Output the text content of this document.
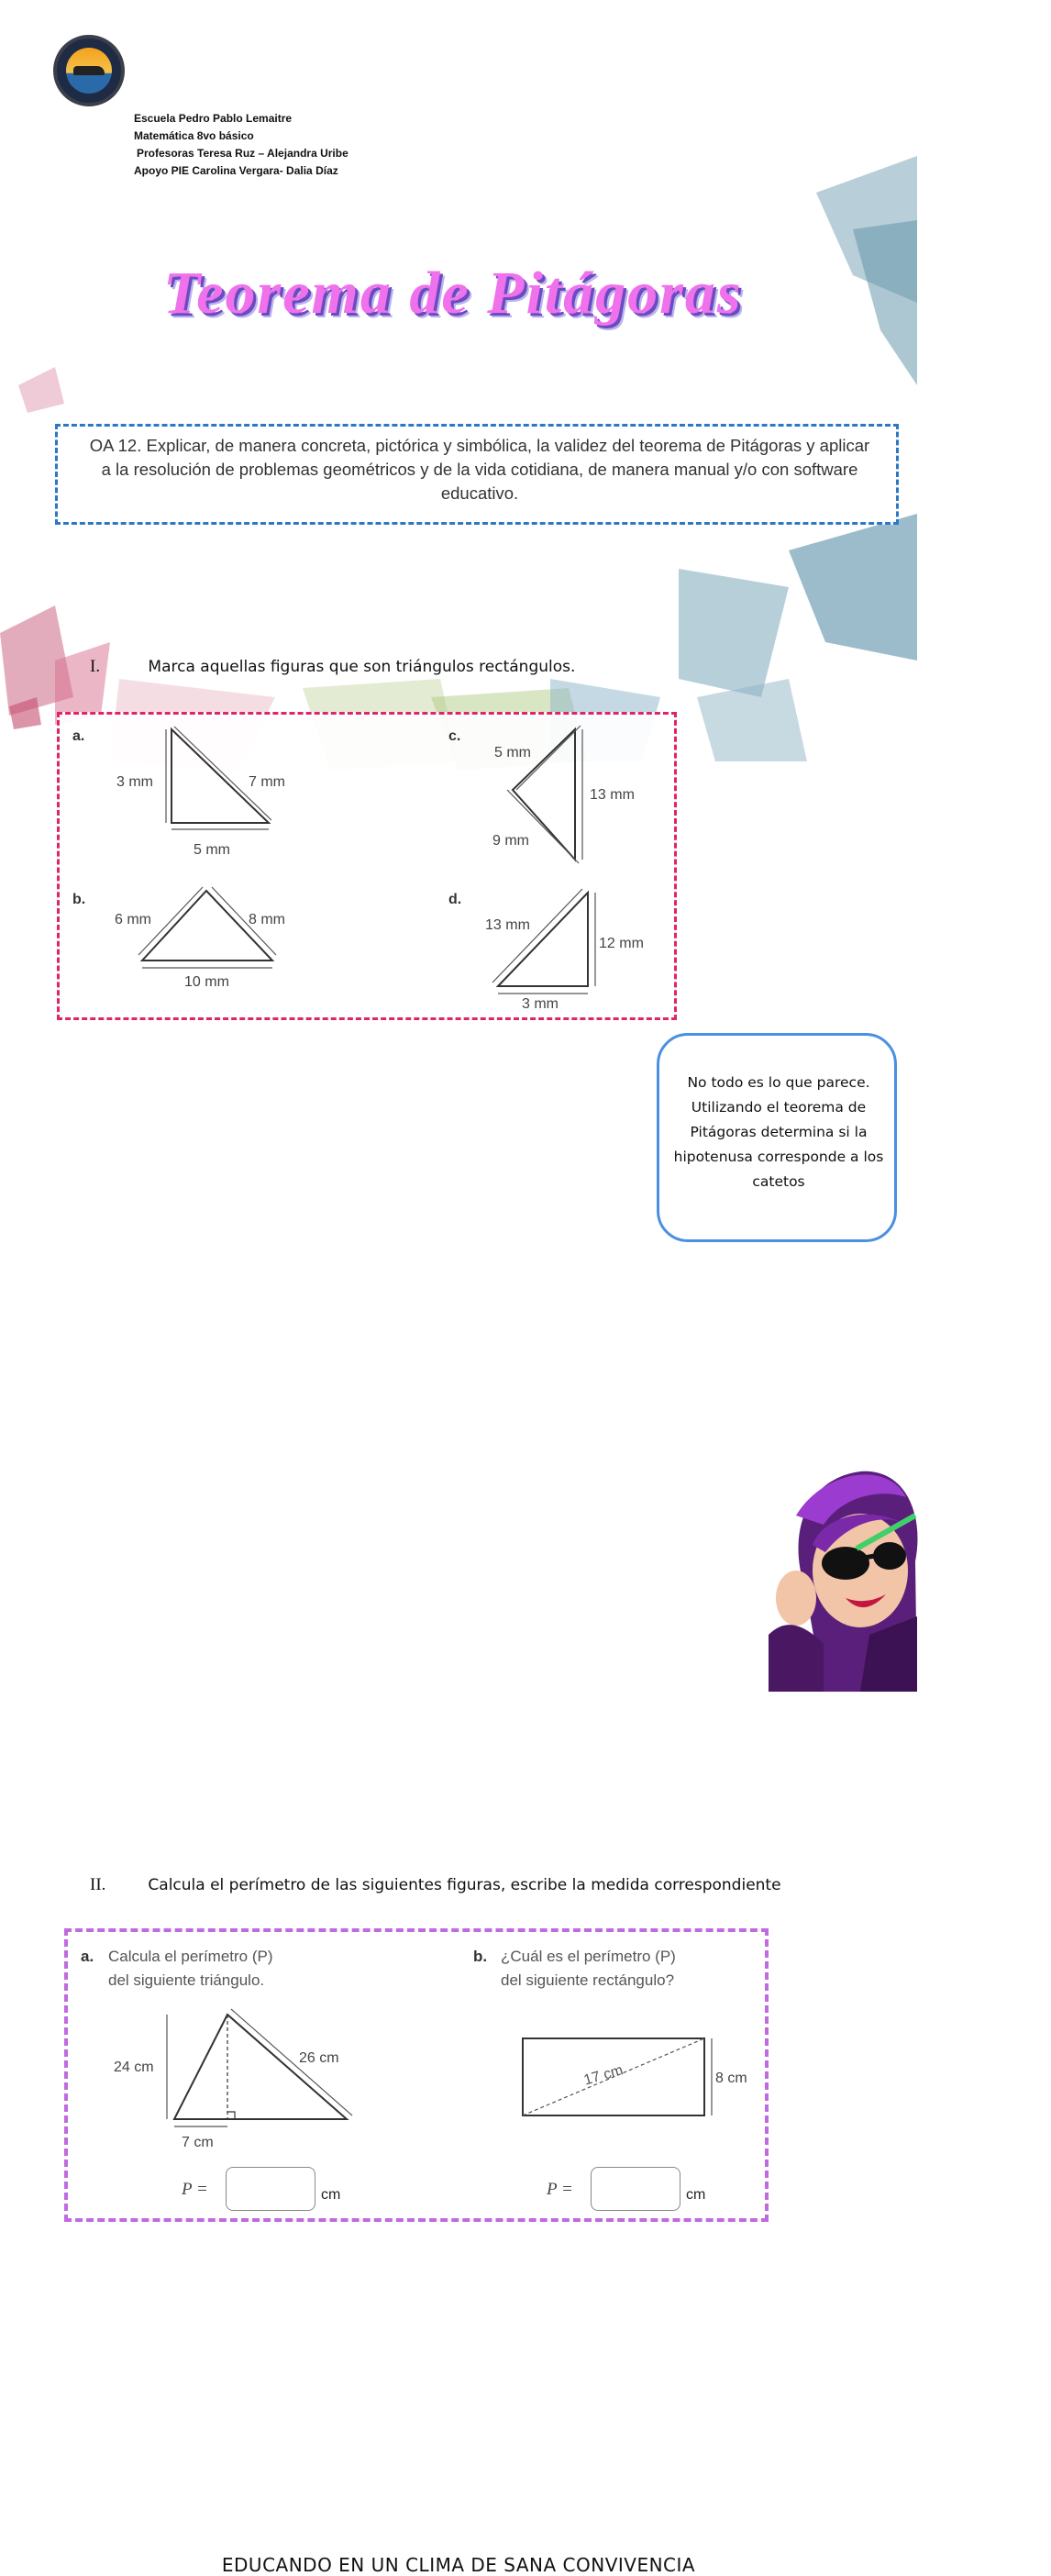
Escuela Pedro Pablo Lemaitre
Matemática 8vo básico
Profesoras Teresa Ruz – Alejandra Uribe
Apoyo PIE Carolina Vergara- Dalia Díaz
Teorema de Pitágoras
OA 12. Explicar, de manera concreta, pictórica y simbólica, la validez del teorema de Pitágoras y aplicar a la resolución de problemas geométricos y de la vida cotidiana, de manera manual y/o con software educativo.
I.	Marca aquellas figuras que son triángulos rectángulos.
a.
3 mm	7 mm
5 mm
b.
6 mm	8 mm
10 mm
c.
5 mm
13 mm
9 mm
d.
13 mm
12 mm
3 mm
No todo es lo que parece. Utilizando el teorema de Pitágoras determina si la hipotenusa corresponde a los catetos
II.	Calcula el perímetro de las siguientes figuras, escribe la medida correspondiente
a. Calcula el perímetro (P)
del siguiente triángulo.
24 cm
26 cm
7 cm
b. ¿Cuál es el perímetro (P)
del siguiente rectángulo?
17 cm	8 cm
P =	cm	P =	cm
EDUCANDO EN UN CLIMA DE SANA CONVIVENCIA
